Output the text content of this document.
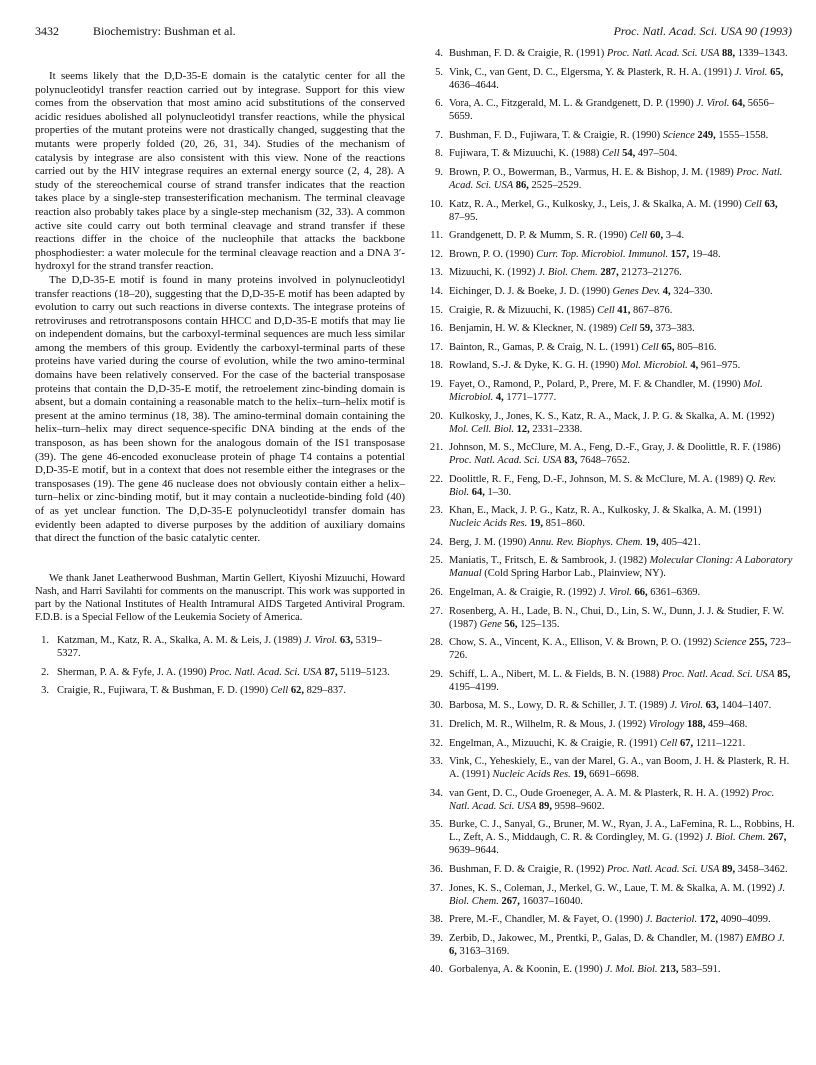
3432	Biochemistry: Bushman et al.	Proc. Natl. Acad. Sci. USA 90 (1993)

It seems likely that the D,D-35-E domain is the catalytic center for all the polynucleotidyl transfer reaction carried out by integrase. Support for this view comes from the observation that most amino acid substitutions of the conserved acidic residues abolished all polynucleotidyl transfer reactions, while the physical properties of the mutant proteins were not drastically changed, suggesting that the mutants were properly folded (20, 26, 31, 34). Studies of the mechanism of catalysis by integrase are also consistent with this view. None of the reactions carried out by the HIV integrase requires an external energy source (2, 4, 28). A study of the stereochemical course of strand transfer indicates that the reaction takes place by a single-step transesterification mechanism. The terminal cleavage reaction also probably takes place by a single-step mechanism (32, 33). A common active site could carry out both terminal cleavage and strand transfer if these reactions differ in the choice of the nucleophile that attacks the backbone phosphodiester: a water molecule for the terminal cleavage reaction and a DNA 3′-hydroxyl for the strand transfer reaction.

The D,D-35-E motif is found in many proteins involved in polynucleotidyl transfer reactions (18–20), suggesting that the D,D-35-E motif has been adapted by evolution to carry out such reactions in diverse contexts. The integrase proteins of retroviruses and retrotransposons contain HHCC and D,D-35-E motifs that may lie on independent domains, but the carboxyl-terminal sequences are much less similar among the members of this group. Evidently the carboxyl-terminal parts of these proteins have varied during the course of evolution, while the two amino-terminal domains have been relatively conserved. For the case of the bacterial transposase proteins that contain the D,D-35-E motif, the retroelement zinc-binding domain is absent, but a domain containing a reasonable match to the helix–turn–helix motif is present at the amino terminus (18, 38). The amino-terminal domain containing the helix–turn–helix may direct sequence-specific DNA binding at the ends of the transposon, as has been shown for the analogous domain of the IS1 transposase (39). The gene 46-encoded exonuclease protein of phage T4 contains a potential D,D-35-E motif, but in a context that does not resemble either the integrases or the transposases (19). The gene 46 nuclease does not obviously contain either a helix–turn–helix or zinc-binding motif, but it may contain a nucleotide-binding fold (40) of as yet unclear function. The D,D-35-E polynucleotidyl transfer domain has evidently been adapted to diverse purposes by the addition of auxiliary domains that direct the function of the basic catalytic center.

We thank Janet Leatherwood Bushman, Martin Gellert, Kiyoshi Mizuuchi, Howard Nash, and Harri Savilahti for comments on the manuscript. This work was supported in part by the National Institutes of Health Intramural AIDS Targeted Antiviral Program. F.D.B. is a Special Fellow of the Leukemia Society of America.

1. Katzman, M., Katz, R. A., Skalka, A. M. & Leis, J. (1989) J. Virol. 63, 5319–5327.
2. Sherman, P. A. & Fyfe, J. A. (1990) Proc. Natl. Acad. Sci. USA 87, 5119–5123.
3. Craigie, R., Fujiwara, T. & Bushman, F. D. (1990) Cell 62, 829–837.
4. Bushman, F. D. & Craigie, R. (1991) Proc. Natl. Acad. Sci. USA 88, 1339–1343.
5. Vink, C., van Gent, D. C., Elgersma, Y. & Plasterk, R. H. A. (1991) J. Virol. 65, 4636–4644.
6. Vora, A. C., Fitzgerald, M. L. & Grandgenett, D. P. (1990) J. Virol. 64, 5656–5659.
7. Bushman, F. D., Fujiwara, T. & Craigie, R. (1990) Science 249, 1555–1558.
8. Fujiwara, T. & Mizuuchi, K. (1988) Cell 54, 497–504.
9. Brown, P. O., Bowerman, B., Varmus, H. E. & Bishop, J. M. (1989) Proc. Natl. Acad. Sci. USA 86, 2525–2529.
10. Katz, R. A., Merkel, G., Kulkosky, J., Leis, J. & Skalka, A. M. (1990) Cell 63, 87–95.
11. Grandgenett, D. P. & Mumm, S. R. (1990) Cell 60, 3–4.
12. Brown, P. O. (1990) Curr. Top. Microbiol. Immunol. 157, 19–48.
13. Mizuuchi, K. (1992) J. Biol. Chem. 287, 21273–21276.
14. Eichinger, D. J. & Boeke, J. D. (1990) Genes Dev. 4, 324–330.
15. Craigie, R. & Mizuuchi, K. (1985) Cell 41, 867–876.
16. Benjamin, H. W. & Kleckner, N. (1989) Cell 59, 373–383.
17. Bainton, R., Gamas, P. & Craig, N. L. (1991) Cell 65, 805–816.
18. Rowland, S.-J. & Dyke, K. G. H. (1990) Mol. Microbiol. 4, 961–975.
19. Fayet, O., Ramond, P., Polard, P., Prere, M. F. & Chandler, M. (1990) Mol. Microbiol. 4, 1771–1777.
20. Kulkosky, J., Jones, K. S., Katz, R. A., Mack, J. P. G. & Skalka, A. M. (1992) Mol. Cell. Biol. 12, 2331–2338.
21. Johnson, M. S., McClure, M. A., Feng, D.-F., Gray, J. & Doolittle, R. F. (1986) Proc. Natl. Acad. Sci. USA 83, 7648–7652.
22. Doolittle, R. F., Feng, D.-F., Johnson, M. S. & McClure, M. A. (1989) Q. Rev. Biol. 64, 1–30.
23. Khan, E., Mack, J. P. G., Katz, R. A., Kulkosky, J. & Skalka, A. M. (1991) Nucleic Acids Res. 19, 851–860.
24. Berg, J. M. (1990) Annu. Rev. Biophys. Chem. 19, 405–421.
25. Maniatis, T., Fritsch, E. & Sambrook, J. (1982) Molecular Cloning: A Laboratory Manual (Cold Spring Harbor Lab., Plainview, NY).
26. Engelman, A. & Craigie, R. (1992) J. Virol. 66, 6361–6369.
27. Rosenberg, A. H., Lade, B. N., Chui, D., Lin, S. W., Dunn, J. J. & Studier, F. W. (1987) Gene 56, 125–135.
28. Chow, S. A., Vincent, K. A., Ellison, V. & Brown, P. O. (1992) Science 255, 723–726.
29. Schiff, L. A., Nibert, M. L. & Fields, B. N. (1988) Proc. Natl. Acad. Sci. USA 85, 4195–4199.
30. Barbosa, M. S., Lowy, D. R. & Schiller, J. T. (1989) J. Virol. 63, 1404–1407.
31. Drelich, M. R., Wilhelm, R. & Mous, J. (1992) Virology 188, 459–468.
32. Engelman, A., Mizuuchi, K. & Craigie, R. (1991) Cell 67, 1211–1221.
33. Vink, C., Yeheskiely, E., van der Marel, G. A., van Boom, J. H. & Plasterk, R. H. A. (1991) Nucleic Acids Res. 19, 6691–6698.
34. van Gent, D. C., Oude Groeneger, A. A. M. & Plasterk, R. H. A. (1992) Proc. Natl. Acad. Sci. USA 89, 9598–9602.
35. Burke, C. J., Sanyal, G., Bruner, M. W., Ryan, J. A., LaFemina, R. L., Robbins, H. L., Zeft, A. S., Middaugh, C. R. & Cordingley, M. G. (1992) J. Biol. Chem. 267, 9639–9644.
36. Bushman, F. D. & Craigie, R. (1992) Proc. Natl. Acad. Sci. USA 89, 3458–3462.
37. Jones, K. S., Coleman, J., Merkel, G. W., Laue, T. M. & Skalka, A. M. (1992) J. Biol. Chem. 267, 16037–16040.
38. Prere, M.-F., Chandler, M. & Fayet, O. (1990) J. Bacteriol. 172, 4090–4099.
39. Zerbib, D., Jakowec, M., Prentki, P., Galas, D. & Chandler, M. (1987) EMBO J. 6, 3163–3169.
40. Gorbalenya, A. & Koonin, E. (1990) J. Mol. Biol. 213, 583–591.
